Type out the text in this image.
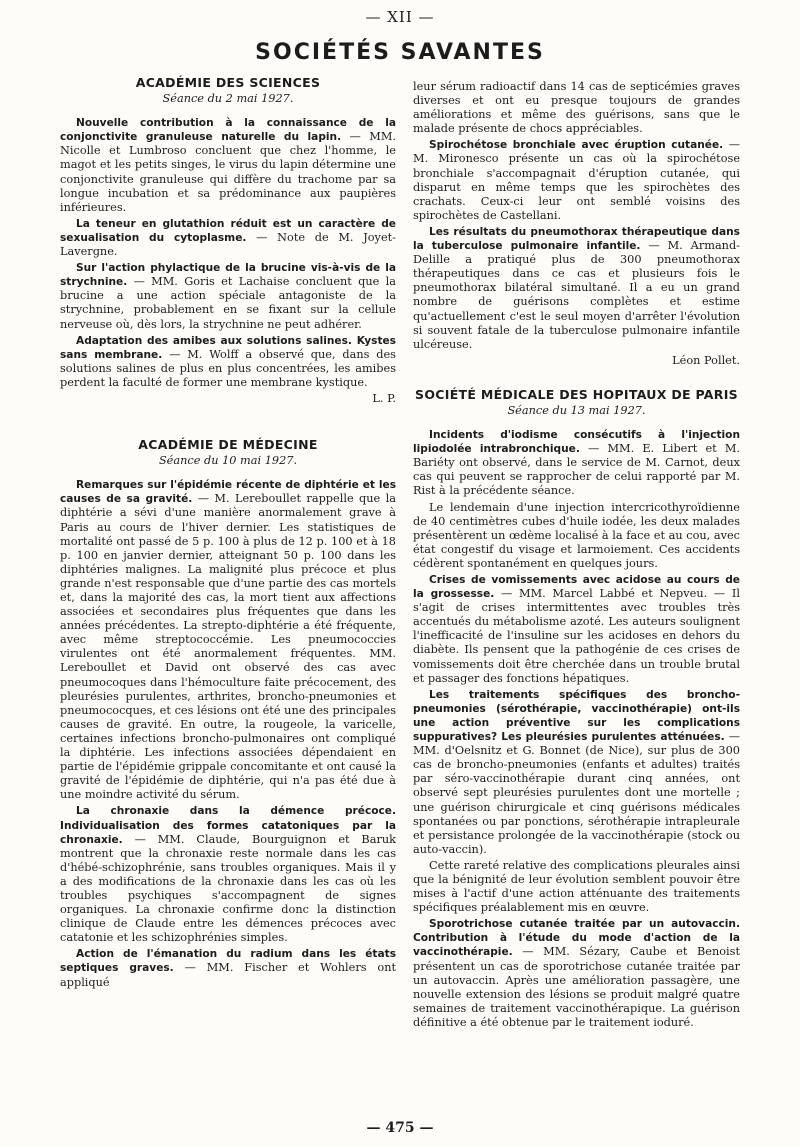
— XII —
SOCIÉTÉS SAVANTES
ACADÉMIE DES SCIENCES
Séance du 2 mai 1927.

Nouvelle contribution à la connaissance de la conjonctivite granuleuse naturelle du lapin. — MM. Nicolle et Lumbroso concluent que chez l'homme, le magot et les petits singes, le virus du lapin détermine une conjonctivite granuleuse qui diffère du trachome par sa longue incubation et sa prédominance aux paupières inférieures.

La teneur en glutathion réduit est un caractère de sexualisation du cytoplasme. — Note de M. Joyet-Lavergne.

Sur l'action phylactique de la brucine vis-à-vis de la strychnine. — MM. Goris et Lachaise concluent que la brucine a une action spéciale antagoniste de la strychnine, probablement en se fixant sur la cellule nerveuse où, dès lors, la strychnine ne peut adhérer.

Adaptation des amibes aux solutions salines. Kystes sans membrane. — M. Wolff a observé que, dans des solutions salines de plus en plus concentrées, les amibes perdent la faculté de former une membrane kystique.

L. P.

ACADÉMIE DE MÉDECINE
Séance du 10 mai 1927.

Remarques sur l'épidémie récente de diphtérie et les causes de sa gravité. — M. Lereboullet rappelle que la diphtérie a sévi d'une manière anormalement grave à Paris au cours de l'hiver dernier. Les statistiques de mortalité ont passé de 5 p. 100 à plus de 12 p. 100 et à 18 p. 100 en janvier dernier, atteignant 50 p. 100 dans les diphtéries malignes. La malignité plus précoce et plus grande n'est responsable que d'une partie des cas mortels et, dans la majorité des cas, la mort tient aux affections associées et secondaires plus fréquentes que dans les années précédentes. La strepto-diphtérie a été fréquente, avec même streptococcémie. Les pneumococcies virulentes ont été anormalement fréquentes. MM. Lereboullet et David ont observé des cas avec pneumocoques dans l'hémoculture faite précocement, des pleurésies purulentes, arthrites, broncho-pneumonies et pneumococques, et ces lésions ont été une des principales causes de gravité. En outre, la rougeole, la varicelle, certaines infections broncho-pulmonaires ont compliqué la diphtérie. Les infections associées dépendaient en partie de l'épidémie grippale concomitante et ont causé la gravité de l'épidémie de diphtérie, qui n'a pas été due à une moindre activité du sérum.

La chronaxie dans la démence précoce. Individualisation des formes catatoniques par la chronaxie. — MM. Claude, Bourguignon et Baruk montrent que la chronaxie reste normale dans les cas d'hébé-schizophrénie, sans troubles organiques. Mais il y a des modifications de la chronaxie dans les cas où les troubles psychiques s'accompagnent de signes organiques. La chronaxie confirme donc la distinction clinique de Claude entre les démences précoces avec catatonie et les schizophrénies simples.

Action de l'émanation du radium dans les états septiques graves. — MM. Fischer et Wohlers ont appliqué

leur sérum radioactif dans 14 cas de septicémies graves diverses et ont eu presque toujours de grandes améliorations et même des guérisons, sans que le malade présente de chocs appréciables.

Spirochétose bronchiale avec éruption cutanée. — M. Mironesco présente un cas où la spirochétose bronchiale s'accompagnait d'éruption cutanée, qui disparut en même temps que les spirochètes des crachats. Ceux-ci leur ont semblé voisins des spirochètes de Castellani.

Les résultats du pneumothorax thérapeutique dans la tuberculose pulmonaire infantile. — M. Armand-Delille a pratiqué plus de 300 pneumothorax thérapeutiques dans ce cas et plusieurs fois le pneumothorax bilatéral simultané. Il a eu un grand nombre de guérisons complètes et estime qu'actuellement c'est le seul moyen d'arrêter l'évolution si souvent fatale de la tuberculose pulmonaire infantile ulcéreuse.

Léon Pollet.

SOCIÉTÉ MÉDICALE DES HOPITAUX DE PARIS
Séance du 13 mai 1927.

Incidents d'iodisme consécutifs à l'injection lipiodolée intrabronchique. — MM. E. Libert et M. Bariéty ont observé, dans le service de M. Carnot, deux cas qui peuvent se rapprocher de celui rapporté par M. Rist à la précédente séance.

Le lendemain d'une injection intercricothyroïdienne de 40 centimètres cubes d'huile iodée, les deux malades présentèrent un œdème localisé à la face et au cou, avec état congestif du visage et larmoiement. Ces accidents cédèrent spontanément en quelques jours.

Crises de vomissements avec acidose au cours de la grossesse. — MM. Marcel Labbé et Nepveu. — Il s'agit de crises intermittentes avec troubles très accentués du métabolisme azoté. Les auteurs soulignent l'inefficacité de l'insuline sur les acidoses en dehors du diabète. Ils pensent que la pathogénie de ces crises de vomissements doit être cherchée dans un trouble brutal et passager des fonctions hépatiques.

Les traitements spécifiques des broncho-pneumonies (sérothérapie, vaccinothérapie) ont-ils une action préventive sur les complications suppuratives? Les pleurésies purulentes atténuées. — MM. d'Oelsnitz et G. Bonnet (de Nice), sur plus de 300 cas de broncho-pneumonies (enfants et adultes) traités par séro-vaccinothérapie durant cinq années, ont observé sept pleurésies purulentes dont une mortelle ; une guérison chirurgicale et cinq guérisons médicales spontanées ou par ponctions, sérothérapie intrapleurale et persistance prolongée de la vaccinothérapie (stock ou auto-vaccin).

Cette rareté relative des complications pleurales ainsi que la bénignité de leur évolution semblent pouvoir être mises à l'actif d'une action atténuante des traitements spécifiques préalablement mis en œuvre.

Sporotrichose cutanée traitée par un autovaccin. Contribution à l'étude du mode d'action de la vaccinothérapie. — MM. Sézary, Caube et Benoist présentent un cas de sporotrichose cutanée traitée par un autovaccin. Après une amélioration passagère, une nouvelle extension des lésions se produit malgré quatre semaines de traitement vaccinothérapique. La guérison définitive a été obtenue par le traitement ioduré.

— 475 —
